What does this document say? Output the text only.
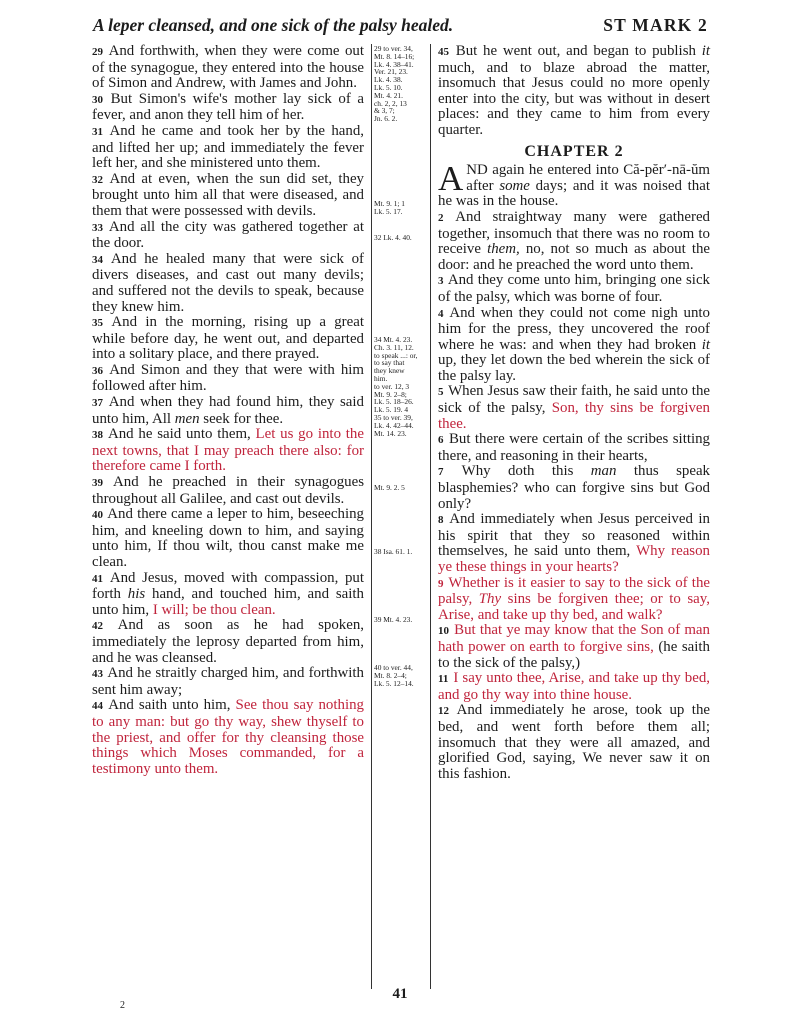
A leper cleansed, and one sick of the palsy healed.	ST MARK 2

29 And forthwith, when they were come out of the synagogue, they entered into the house of Simon and Andrew, with James and John.

30 But Simon's wife's mother lay sick of a fever, and anon they tell him of her.

31 And he came and took her by the hand, and lifted her up; and immediately the fever left her, and she ministered unto them.

32 And at even, when the sun did set, they brought unto him all that were diseased, and them that were possessed with devils.

33 And all the city was gathered together at the door.

34 And he healed many that were sick of divers diseases, and cast out many devils; and suffered not the devils to speak, because they knew him.

35 And in the morning, rising up a great while before day, he went out, and departed into a solitary place, and there prayed.

36 And Simon and they that were with him followed after him.

37 And when they had found him, they said unto him, All men seek for thee.

38 And he said unto them, Let us go into the next towns, that I may preach there also: for therefore came I forth.

39 And he preached in their synagogues throughout all Galilee, and cast out devils.

40 And there came a leper to him, beseeching him, and kneeling down to him, and saying unto him, If thou wilt, thou canst make me clean.

41 And Jesus, moved with compassion, put forth his hand, and touched him, and saith unto him, I will; be thou clean.

42 And as soon as he had spoken, immediately the leprosy departed from him, and he was cleansed.

43 And he straitly charged him, and forthwith sent him away;

44 And saith unto him, See thou say nothing to any man: but go thy way, shew thyself to the priest, and offer for thy cleansing those things which Moses commanded, for a testimony unto them.

29 to ver. 34,
Mt. 8. 14–16;
Lk. 4. 38–41.
Ver. 21, 23.
Lk. 4. 38.
Lk. 5. 10.
Mt. 4. 21.
ch. 2, 2, 13
& 3, 7;
Jn. 6. 2.
Mt. 9. 1; 1
Lk. 5. 17.
32 Lk. 4. 40.
34 Mt. 4. 23.
Ch. 3. 11, 12.
to speak ...: or,
to say that
they knew
him.
to ver. 12, 3
Mt. 9. 2–8;
Lk. 5. 18–26.
Lk. 5. 19. 4
35 to ver. 39,
Lk. 4. 42–44.
Mt. 14. 23.
Mt. 9. 2. 5
38 Isa. 61. 1.
39 Mt. 4. 23.
40 to ver. 44,
Mt. 8. 2–4;
Lk. 5. 12–14.

45 But he went out, and began to publish it much, and to blaze abroad the matter, insomuch that Jesus could no more openly enter into the city, but was without in desert places: and they came to him from every quarter.

CHAPTER 2

AND again he entered into Că-pĕr′-nā-ŭm after some days; and it was noised that he was in the house.

2 And straightway many were gathered together, insomuch that there was no room to receive them, no, not so much as about the door: and he preached the word unto them.

3 And they come unto him, bringing one sick of the palsy, which was borne of four.

4 And when they could not come nigh unto him for the press, they uncovered the roof where he was: and when they had broken it up, they let down the bed wherein the sick of the palsy lay.

5 When Jesus saw their faith, he said unto the sick of the palsy, Son, thy sins be forgiven thee.

6 But there were certain of the scribes sitting there, and reasoning in their hearts,

7 Why doth this man thus speak blasphemies? who can forgive sins but God only?

8 And immediately when Jesus perceived in his spirit that they so reasoned within themselves, he said unto them, Why reason ye these things in your hearts?

9 Whether is it easier to say to the sick of the palsy, Thy sins be forgiven thee; or to say, Arise, and take up thy bed, and walk?

10 But that ye may know that the Son of man hath power on earth to forgive sins, (he saith to the sick of the palsy,)

11 I say unto thee, Arise, and take up thy bed, and go thy way into thine house.

12 And immediately he arose, took up the bed, and went forth before them all; insomuch that they were all amazed, and glorified God, saying, We never saw it on this fashion.

41
2
